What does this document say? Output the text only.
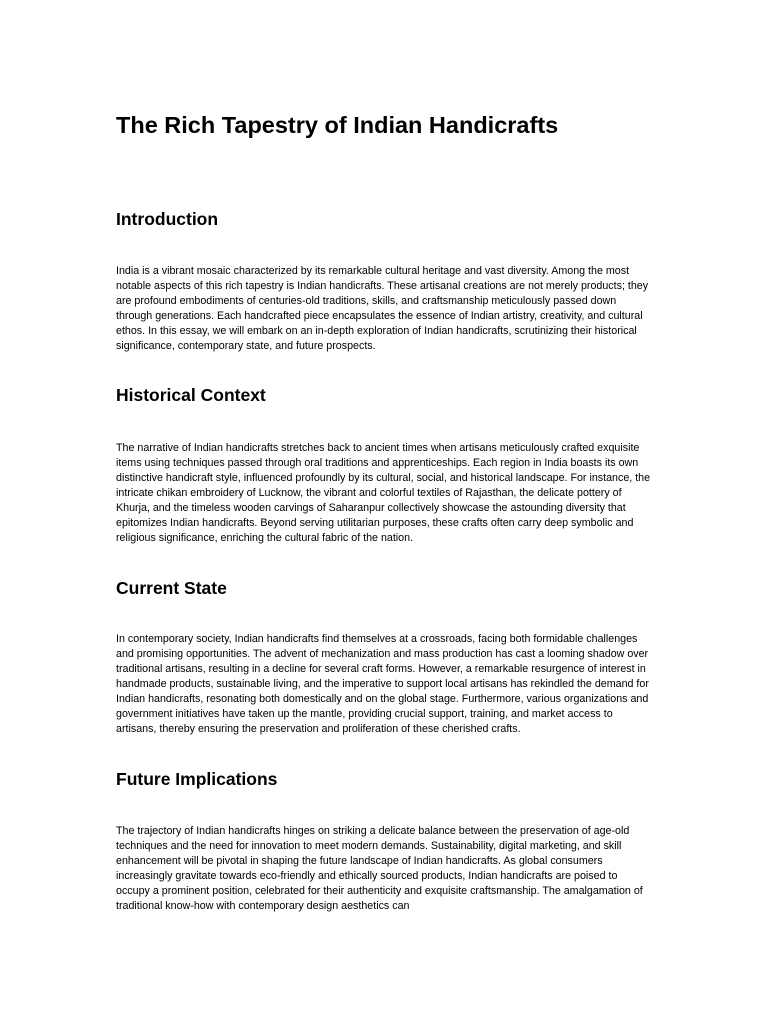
The Rich Tapestry of Indian Handicrafts
Introduction

India is a vibrant mosaic characterized by its remarkable cultural heritage and vast diversity. Among the most notable aspects of this rich tapestry is Indian handicrafts. These artisanal creations are not merely products; they are profound embodiments of centuries-old traditions, skills, and craftsmanship meticulously passed down through generations. Each handcrafted piece encapsulates the essence of Indian artistry, creativity, and cultural ethos. In this essay, we will embark on an in-depth exploration of Indian handicrafts, scrutinizing their historical significance, contemporary state, and future prospects.

Historical Context

The narrative of Indian handicrafts stretches back to ancient times when artisans meticulously crafted exquisite items using techniques passed through oral traditions and apprenticeships. Each region in India boasts its own distinctive handicraft style, influenced profoundly by its cultural, social, and historical landscape. For instance, the intricate chikan embroidery of Lucknow, the vibrant and colorful textiles of Rajasthan, the delicate pottery of Khurja, and the timeless wooden carvings of Saharanpur collectively showcase the astounding diversity that epitomizes Indian handicrafts. Beyond serving utilitarian purposes, these crafts often carry deep symbolic and religious significance, enriching the cultural fabric of the nation.

Current State

In contemporary society, Indian handicrafts find themselves at a crossroads, facing both formidable challenges and promising opportunities. The advent of mechanization and mass production has cast a looming shadow over traditional artisans, resulting in a decline for several craft forms. However, a remarkable resurgence of interest in handmade products, sustainable living, and the imperative to support local artisans has rekindled the demand for Indian handicrafts, resonating both domestically and on the global stage. Furthermore, various organizations and government initiatives have taken up the mantle, providing crucial support, training, and market access to artisans, thereby ensuring the preservation and proliferation of these cherished crafts.

Future Implications

The trajectory of Indian handicrafts hinges on striking a delicate balance between the preservation of age-old techniques and the need for innovation to meet modern demands. Sustainability, digital marketing, and skill enhancement will be pivotal in shaping the future landscape of Indian handicrafts. As global consumers increasingly gravitate towards eco-friendly and ethically sourced products, Indian handicrafts are poised to occupy a prominent position, celebrated for their authenticity and exquisite craftsmanship. The amalgamation of traditional know-how with contemporary design aesthetics can
